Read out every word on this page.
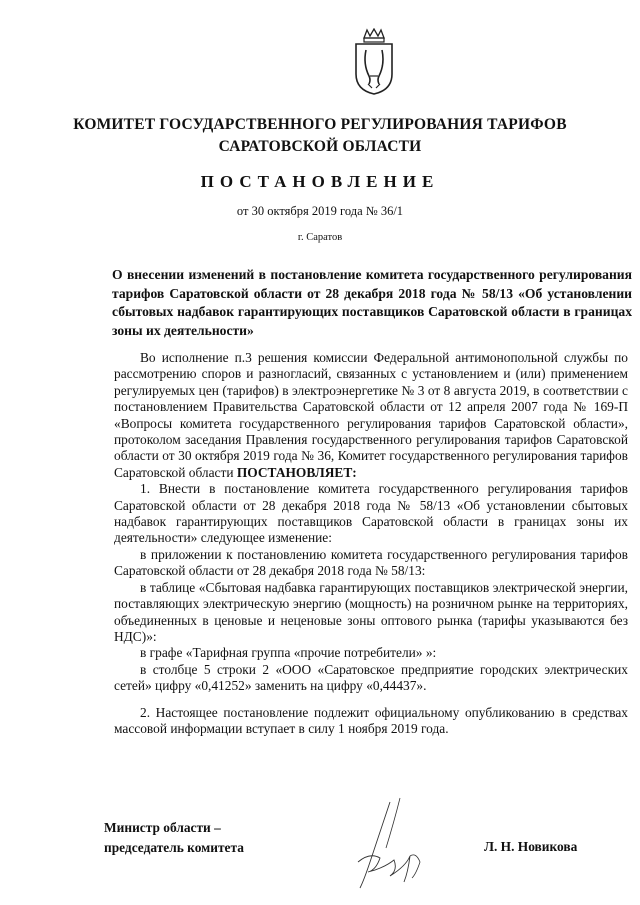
КОМИТЕТ ГОСУДАРСТВЕННОГО РЕГУЛИРОВАНИЯ ТАРИФОВ
САРАТОВСКОЙ ОБЛАСТИ
ПОСТАНОВЛЕНИЕ
от 30 октября 2019 года № 36/1
г. Саратов
О внесении изменений в постановление комитета государственного регулирования тарифов Саратовской области от 28 декабря 2018 года № 58/13 «Об установлении сбытовых надбавок гарантирующих поставщиков Саратовской области в границах зоны их деятельности»

Во исполнение п.3 решения комиссии Федеральной антимонопольной службы по рассмотрению споров и разногласий, связанных с установлением и (или) применением регулируемых цен (тарифов) в электроэнергетике № 3 от 8 августа 2019, в соответствии с постановлением Правительства Саратовской области от 12 апреля 2007 года № 169-П «Вопросы комитета государственного регулирования тарифов Саратовской области», протоколом заседания Правления государственного регулирования тарифов Саратовской области от 30 октября 2019 года № 36, Комитет государственного регулирования тарифов Саратовской области ПОСТАНОВЛЯЕТ:

1. Внести в постановление комитета государственного регулирования тарифов Саратовской области от 28 декабря 2018 года № 58/13 «Об установлении сбытовых надбавок гарантирующих поставщиков Саратовской области в границах зоны их деятельности» следующее изменение:

в приложении к постановлению комитета государственного регулирования тарифов Саратовской области от 28 декабря 2018 года № 58/13:

в таблице «Сбытовая надбавка гарантирующих поставщиков электрической энергии, поставляющих электрическую энергию (мощность) на розничном рынке на территориях, объединенных в ценовые и неценовые зоны оптового рынка (тарифы указываются без НДС)»:

в графе «Тарифная группа «прочие потребители» »:

в столбце 5 строки 2 «ООО «Саратовское предприятие городских электрических сетей» цифру «0,41252» заменить на цифру «0,44437».

2. Настоящее постановление подлежит официальному опубликованию в средствах массовой информации вступает в силу 1 ноября 2019 года.

Министр области –
председатель комитета	Л. Н. Новикова
